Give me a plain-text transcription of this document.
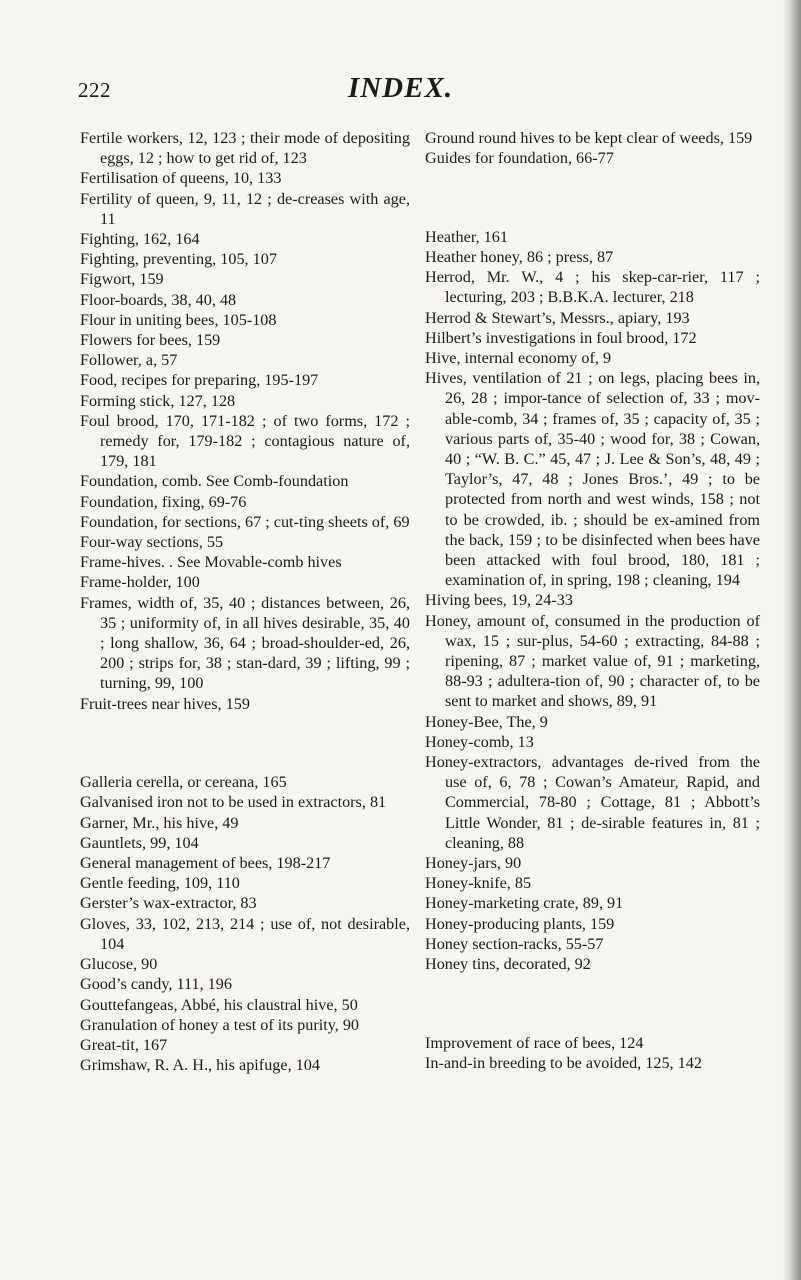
222	INDEX.

Fertile workers, 12, 123 ; their mode of depositing eggs, 12 ; how to get rid of, 123

Fertilisation of queens, 10, 133

Fertility of queen, 9, 11, 12 ; de-creases with age, 11

Fighting, 162, 164

Fighting, preventing, 105, 107

Figwort, 159

Floor-boards, 38, 40, 48

Flour in uniting bees, 105-108

Flowers for bees, 159

Follower, a, 57

Food, recipes for preparing, 195-197

Forming stick, 127, 128

Foul brood, 170, 171-182 ; of two forms, 172 ; remedy for, 179-182 ; contagious nature of, 179, 181

Foundation, comb. See Comb-foundation

Foundation, fixing, 69-76

Foundation, for sections, 67 ; cut-ting sheets of, 69

Four-way sections, 55

Frame-hives. . See Movable-comb hives

Frame-holder, 100

Frames, width of, 35, 40 ; distances between, 26, 35 ; uniformity of, in all hives desirable, 35, 40 ; long shallow, 36, 64 ; broad-shoulder-ed, 26, 200 ; strips for, 38 ; stan-dard, 39 ; lifting, 99 ; turning, 99, 100

Fruit-trees near hives, 159

Galleria cerella, or cereana, 165

Galvanised iron not to be used in extractors, 81

Garner, Mr., his hive, 49

Gauntlets, 99, 104

General management of bees, 198-217

Gentle feeding, 109, 110

Gerster’s wax-extractor, 83

Gloves, 33, 102, 213, 214 ; use of, not desirable, 104

Glucose, 90

Good’s candy, 111, 196

Gouttefangeas, Abbé, his claustral hive, 50

Granulation of honey a test of its purity, 90

Great-tit, 167

Grimshaw, R. A. H., his apifuge, 104

Ground round hives to be kept clear of weeds, 159

Guides for foundation, 66-77

Heather, 161

Heather honey, 86 ; press, 87

Herrod, Mr. W., 4 ; his skep-car-rier, 117 ; lecturing, 203 ; B.B.K.A. lecturer, 218

Herrod & Stewart’s, Messrs., apiary, 193

Hilbert’s investigations in foul brood, 172

Hive, internal economy of, 9

Hives, ventilation of 21 ; on legs, placing bees in, 26, 28 ; impor-tance of selection of, 33 ; mov-able-comb, 34 ; frames of, 35 ; capacity of, 35 ; various parts of, 35-40 ; wood for, 38 ; Cowan, 40 ; “W. B. C.” 45, 47 ; J. Lee & Son’s, 48, 49 ; Taylor’s, 47, 48 ; Jones Bros.’, 49 ; to be protected from north and west winds, 158 ; not to be crowded, ib. ; should be ex-amined from the back, 159 ; to be disinfected when bees have been attacked with foul brood, 180, 181 ; examination of, in spring, 198 ; cleaning, 194

Hiving bees, 19, 24-33

Honey, amount of, consumed in the production of wax, 15 ; sur-plus, 54-60 ; extracting, 84-88 ; ripening, 87 ; market value of, 91 ; marketing, 88-93 ; adultera-tion of, 90 ; character of, to be sent to market and shows, 89, 91

Honey-Bee, The, 9

Honey-comb, 13

Honey-extractors, advantages de-rived from the use of, 6, 78 ; Cowan’s Amateur, Rapid, and Commercial, 78-80 ; Cottage, 81 ; Abbott’s Little Wonder, 81 ; de-sirable features in, 81 ; cleaning, 88

Honey-jars, 90

Honey-knife, 85

Honey-marketing crate, 89, 91

Honey-producing plants, 159

Honey section-racks, 55-57

Honey tins, decorated, 92

Improvement of race of bees, 124

In-and-in breeding to be avoided, 125, 142
